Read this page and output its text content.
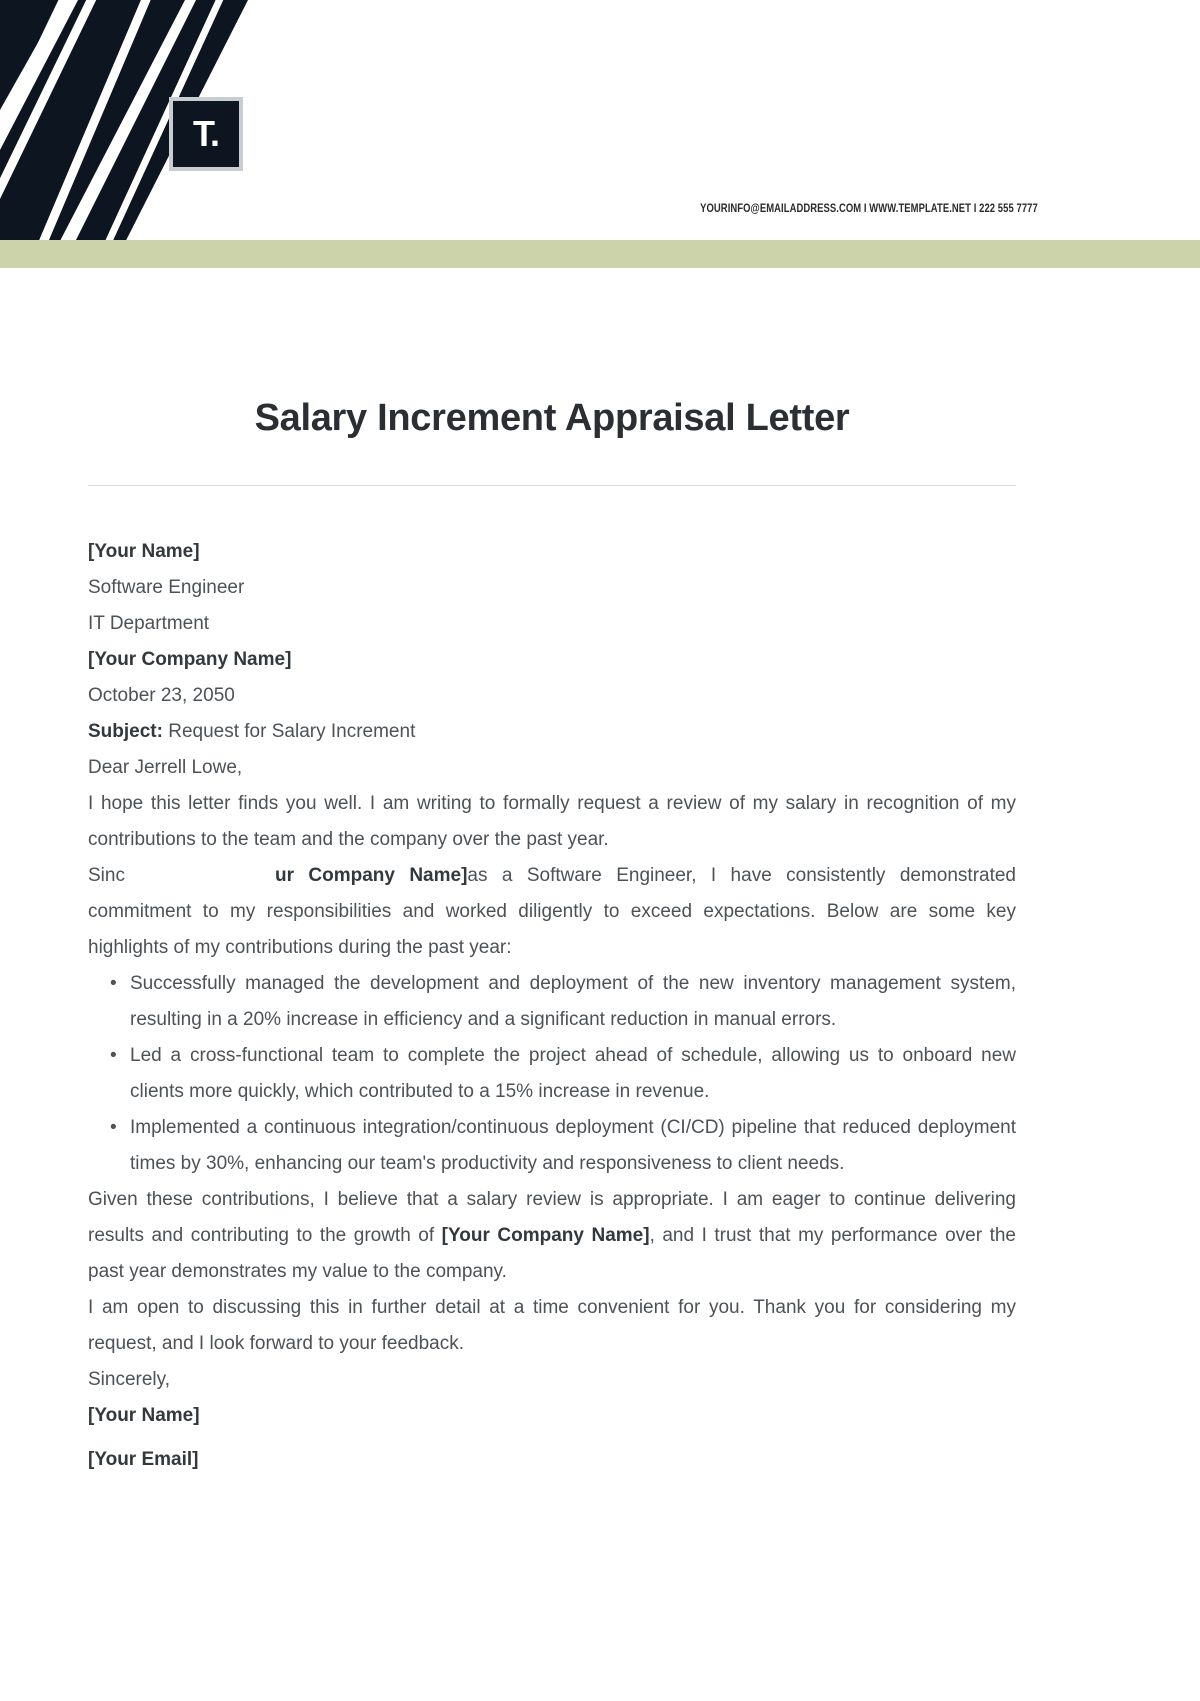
T.
YOURINFO@EMAILADDRESS.COM I WWW.TEMPLATE.NET I 222 555 7777
Salary Increment Appraisal Letter
[Your Name]
Software Engineer
IT Department
[Your Company Name]
October 23, 2050
Subject: Request for Salary Increment
Dear Jerrell Lowe,

I hope this letter finds you well. I am writing to formally request a review of my salary in recognition of my contributions to the team and the company over the past year.

Sinc	ur Company Name]as a Software Engineer, I have consistently demonstrated commitment to my responsibilities and worked diligently to exceed expectations. Below are some key highlights of my contributions during the past year:

• Successfully managed the development and deployment of the new inventory management system, resulting in a 20% increase in efficiency and a significant reduction in manual errors.
• Led a cross-functional team to complete the project ahead of schedule, allowing us to onboard new clients more quickly, which contributed to a 15% increase in revenue.
• Implemented a continuous integration/continuous deployment (CI/CD) pipeline that reduced deployment times by 30%, enhancing our team's productivity and responsiveness to client needs.

Given these contributions, I believe that a salary review is appropriate. I am eager to continue delivering results and contributing to the growth of [Your Company Name], and I trust that my performance over the past year demonstrates my value to the company.

I am open to discussing this in further detail at a time convenient for you. Thank you for considering my request, and I look forward to your feedback.

Sincerely,
[Your Name]
[Your Email]
